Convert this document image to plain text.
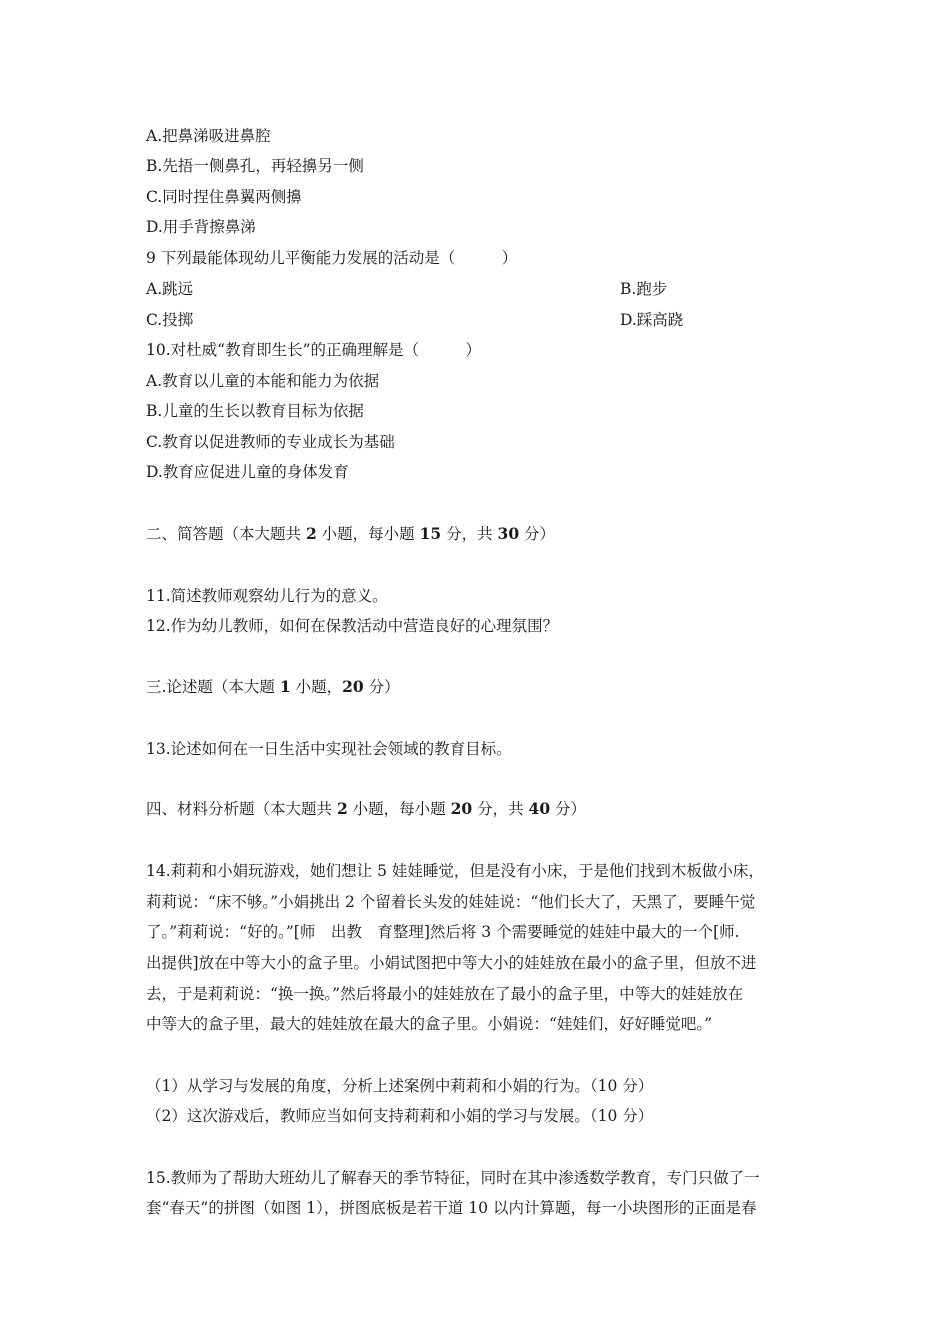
A.把鼻涕吸进鼻腔
B.先捂一侧鼻孔，再轻擤另一侧
C.同时捏住鼻翼两侧擤
D.用手背擦鼻涕
9 下列最能体现幼儿平衡能力发展的活动是（　　　）
A.跳远	B.跑步
C.投掷	D.踩高跷
10.对杜威“教育即生长”的正确理解是（　　　）
A.教育以儿童的本能和能力为依据
B.儿童的生长以教育目标为依据
C.教育以促进教师的专业成长为基础
D.教育应促进儿童的身体发育
二、简答题（本大题共 2 小题，每小题 15 分，共 30 分）
11.简述教师观察幼儿行为的意义。
12.作为幼儿教师，如何在保教活动中营造良好的心理氛围？
三.论述题（本大题 1 小题，20 分）
13.论述如何在一日生活中实现社会领域的教育目标。
四、材料分析题（本大题共 2 小题，每小题 20 分，共 40 分）
14.莉莉和小娟玩游戏，她们想让 5 娃娃睡觉，但是没有小床，于是他们找到木板做小床，
莉莉说：“床不够。”小娟挑出 2 个留着长头发的娃娃说：“他们长大了，天黑了，要睡午觉
了。”莉莉说：“好的。”[师　出教　育整理]然后将 3 个需要睡觉的娃娃中最大的一个[师.
出提供]放在中等大小的盒子里。小娟试图把中等大小的娃娃放在最小的盒子里，但放不进
去，于是莉莉说：“换一换。”然后将最小的娃娃放在了最小的盒子里，中等大的娃娃放在
中等大的盒子里，最大的娃娃放在最大的盒子里。小娟说：“娃娃们，好好睡觉吧。”
（1）从学习与发展的角度，分析上述案例中莉莉和小娟的行为。（10 分）
（2）这次游戏后，教师应当如何支持莉莉和小娟的学习与发展。（10 分）
15.教师为了帮助大班幼儿了解春天的季节特征，同时在其中渗透数学教育，专门只做了一
套“春天”的拼图（如图 1），拼图底板是若干道 10 以内计算题，每一小块图形的正面是春
